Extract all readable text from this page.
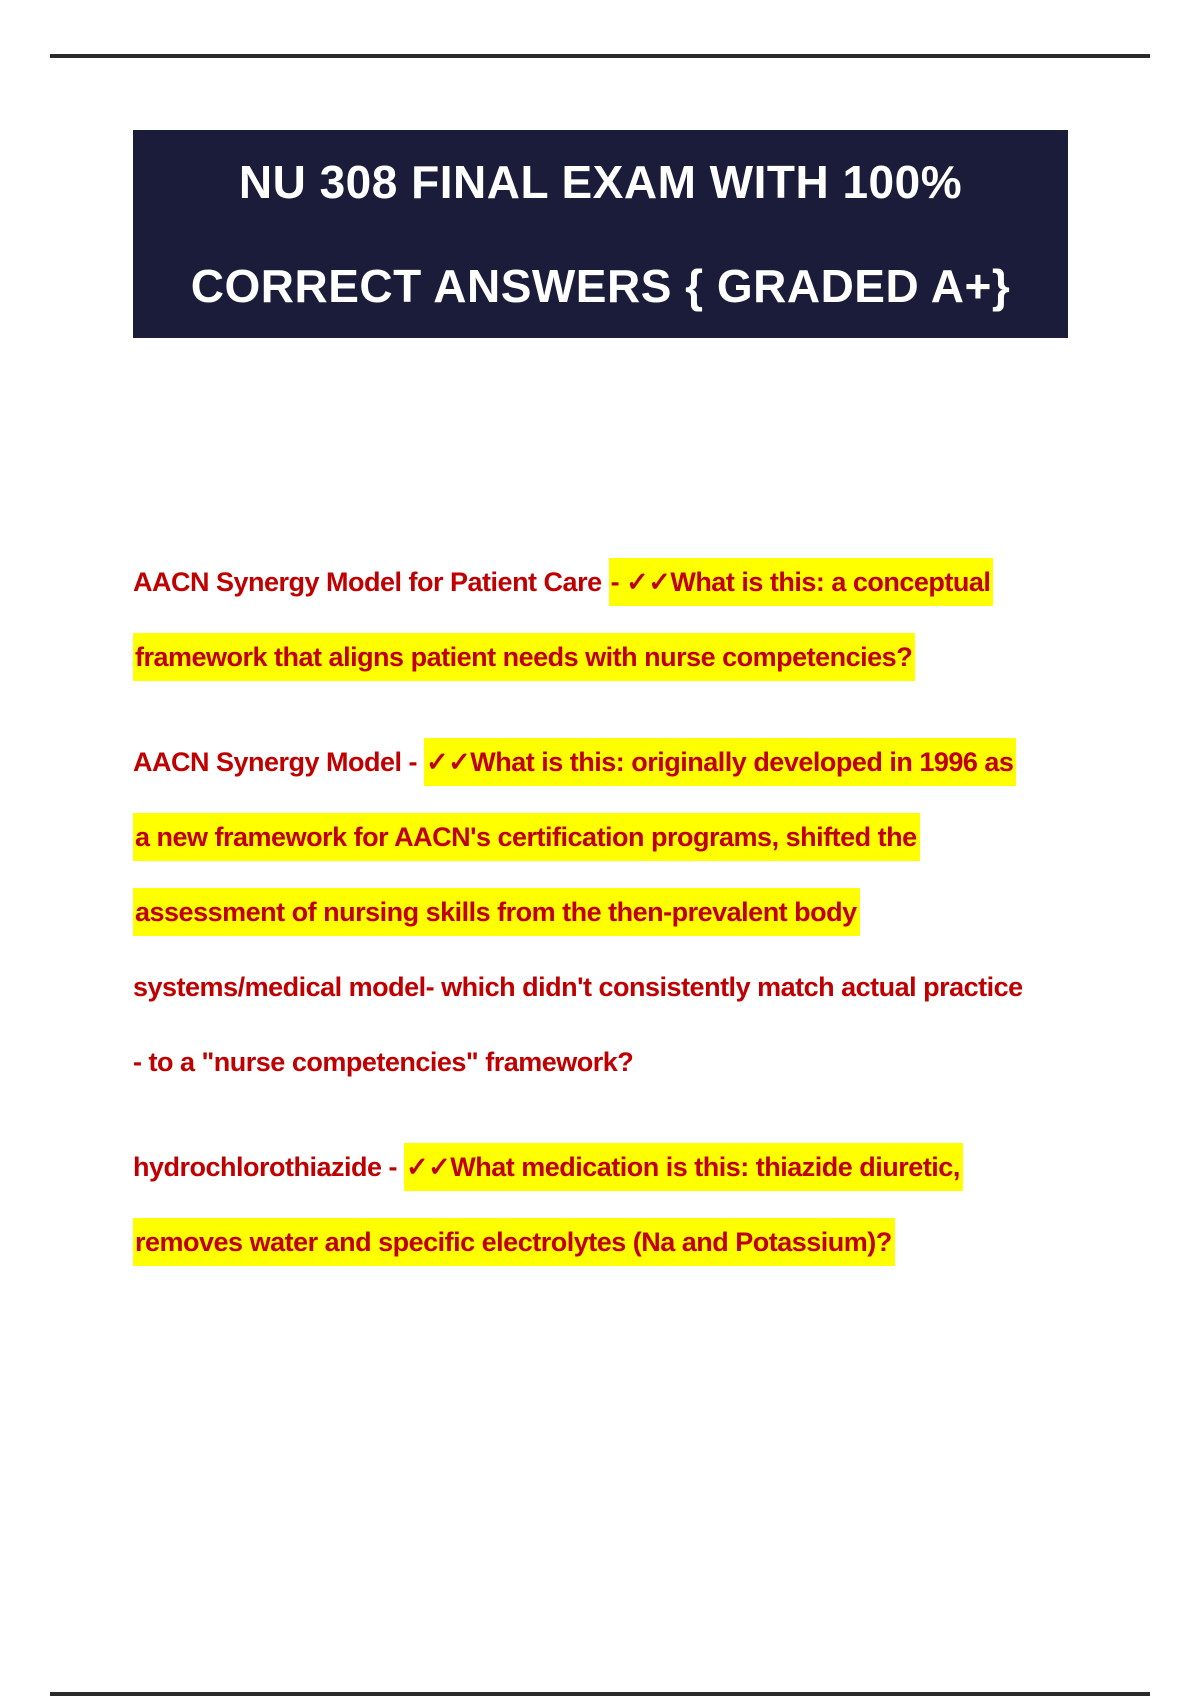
NU 308 FINAL EXAM WITH 100%
CORRECT ANSWERS { GRADED A+}
AACN Synergy Model for Patient Care - ✓✓What is this: a conceptual
framework that aligns patient needs with nurse competencies?
AACN Synergy Model - ✓✓What is this: originally developed in 1996 as
a new framework for AACN's certification programs, shifted the
assessment of nursing skills from the then-prevalent body
systems/medical model- which didn't consistently match actual practice
- to a "nurse competencies" framework?
hydrochlorothiazide - ✓✓What medication is this: thiazide diuretic,
removes water and specific electrolytes (Na and Potassium)?
